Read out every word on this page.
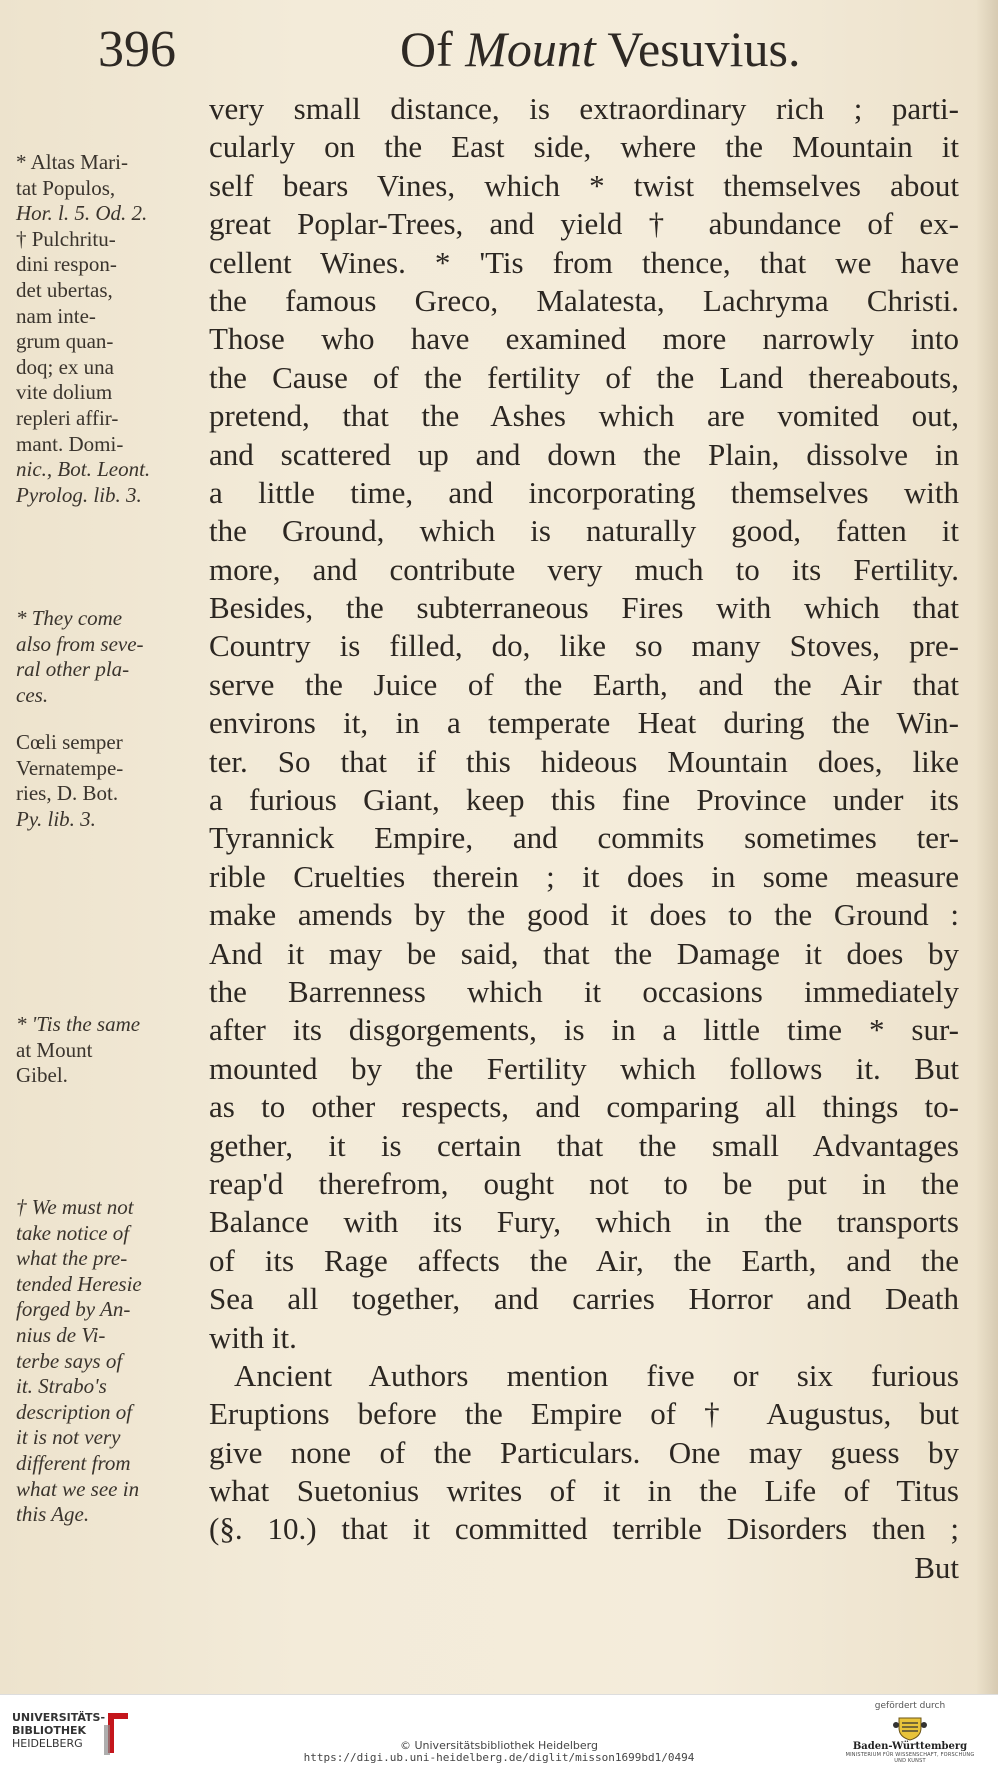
396	Of Mount Vesuvius.
very small distance, is extraordinary rich ; parti-
cularly on the East side, where the Mountain it
self bears Vines, which * twist themselves about
great Poplar-Trees, and yield † abundance of ex-
cellent Wines. * 'Tis from thence, that we have
the famous Greco, Malatesta, Lachryma Christi.
Those who have examined more narrowly into
the Cause of the fertility of the Land thereabouts,
pretend, that the Ashes which are vomited out,
and scattered up and down the Plain, dissolve in
a little time, and incorporating themselves with
the Ground, which is naturally good, fatten it
more, and contribute very much to its Fertility.
Besides, the subterraneous Fires with which that
Country is filled, do, like so many Stoves, pre-
serve the Juice of the Earth, and the Air that
environs it, in a temperate Heat during the Win-
ter. So that if this hideous Mountain does, like
a furious Giant, keep this fine Province under its
Tyrannick Empire, and commits sometimes ter-
rible Cruelties therein ; it does in some measure
make amends by the good it does to the Ground :
And it may be said, that the Damage it does by
the Barrenness which it occasions immediately
after its disgorgements, is in a little time * sur-
mounted by the Fertility which follows it. But
as to other respects, and comparing all things to-
gether, it is certain that the small Advantages
reap'd therefrom, ought not to be put in the
Balance with its Fury, which in the transports
of its Rage affects the Air, the Earth, and the
Sea all together, and carries Horror and Death
with it.
Ancient Authors mention five or six furious
Eruptions before the Empire of † Augustus, but
give none of the Particulars. One may guess by
what Suetonius writes of it in the Life of Titus
(§. 10.) that it committed terrible Disorders then ;
But
* Altas Mari-
tat Populos,
Hor. l. 5. Od. 2.
† Pulchritu-
dini respon-
det ubertas,
nam inte-
grum quan-
doq; ex una
vite dolium
repleri affir-
mant. Domi-
nic., Bot. Leont.
Pyrolog. lib. 3.
* They come
also from seve-
ral other pla-
ces.
Cœli semper
Vernatempe-
ries, D. Bot.
Py. lib. 3.
* 'Tis the same
at Mount
Gibel.
† We must not
take notice of
what the pre-
tended Heresie
forged by An-
nius de Vi-
terbe says of
it. Strabo's
description of
it is not very
different from
what we see in
this Age.
UNIVERSITÄTS-
BIBLIOTHEK
HEIDELBERG	© Universitätsbibliothek Heidelberg
https://digi.ub.uni-heidelberg.de/diglit/misson1699bd1/0494
gefördert durch
Baden-Württemberg
MINISTERIUM FÜR WISSENSCHAFT, FORSCHUNG UND KUNST
